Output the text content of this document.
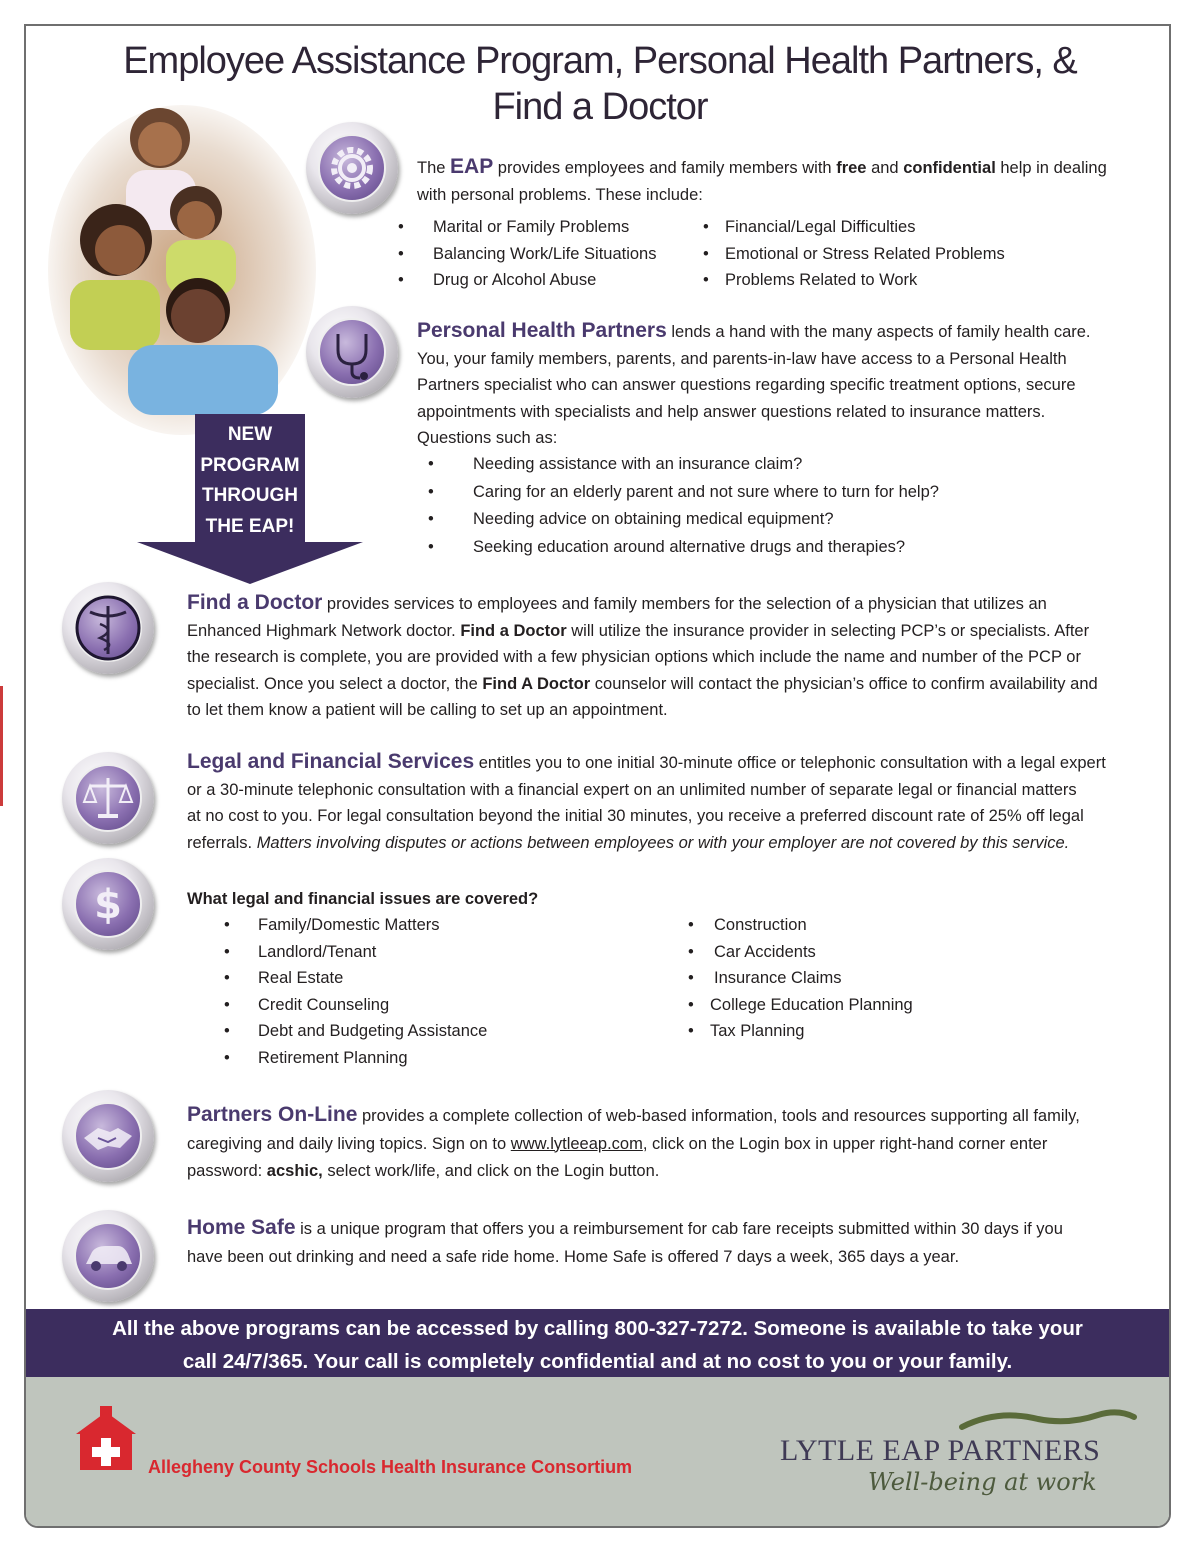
Employee Assistance Program, Personal Health Partners, &
Find a Doctor
The EAP provides employees and family members with free and confidential help in dealing
with personal problems. These include:
• Marital or Family Problems
• Balancing Work/Life Situations
• Drug or Alcohol Abuse
• Financial/Legal Difficulties
• Emotional or Stress Related Problems
• Problems Related to Work
Personal Health Partners lends a hand with the many aspects of family health care.
You, your family members, parents, and parents-in-law have access to a Personal Health
Partners specialist who can answer questions regarding specific treatment options, secure
appointments with specialists and help answer questions related to insurance matters.
Questions such as:
• Needing assistance with an insurance claim?
• Caring for an elderly parent and not sure where to turn for help?
• Needing advice on obtaining medical equipment?
• Seeking education around alternative drugs and therapies?
NEW
PROGRAM
THROUGH
THE EAP!
Find a Doctor provides services to employees and family members for the selection of a physician that utilizes an
Enhanced Highmark Network doctor. Find a Doctor will utilize the insurance provider in selecting PCP’s or specialists. After
the research is complete, you are provided with a few physician options which include the name and number of the PCP or
specialist. Once you select a doctor, the Find A Doctor counselor will contact the physician’s office to confirm availability and
to let them know a patient will be calling to set up an appointment.
Legal and Financial Services entitles you to one initial 30-minute office or telephonic consultation with a legal expert
or a 30-minute telephonic consultation with a financial expert on an unlimited number of separate legal or financial matters
at no cost to you. For legal consultation beyond the initial 30 minutes, you receive a preferred discount rate of 25% off legal
referrals. Matters involving disputes or actions between employees or with your employer are not covered by this service.
$	What legal and financial issues are covered?
• Family/Domestic Matters
• Landlord/Tenant
• Real Estate
• Credit Counseling
• Debt and Budgeting Assistance
• Retirement Planning
• Construction
• Car Accidents
• Insurance Claims
• College Education Planning
• Tax Planning
Partners On-Line provides a complete collection of web-based information, tools and resources supporting all family,
caregiving and daily living topics. Sign on to www.lytleeap.com, click on the Login box in upper right-hand corner enter
password: acshic, select work/life, and click on the Login button.
Home Safe is a unique program that offers you a reimbursement for cab fare receipts submitted within 30 days if you
have been out drinking and need a safe ride home. Home Safe is offered 7 days a week, 365 days a year.
All the above programs can be accessed by calling 800-327-7272. Someone is available to take your
call 24/7/365. Your call is completely confidential and at no cost to you or your family.
Allegheny County Schools Health Insurance Consortium	LYTLE EAP PARTNERS
Well-being at work
